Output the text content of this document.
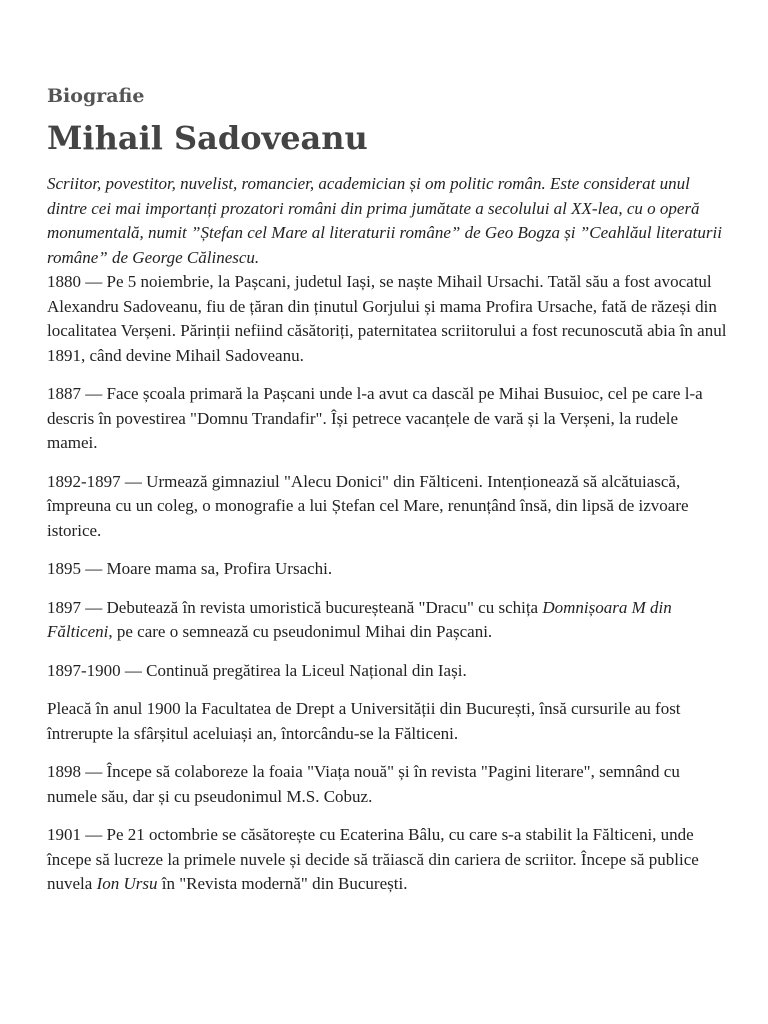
Biografie
Mihail Sadoveanu

Scriitor, povestitor, nuvelist, romancier, academician și om politic român. Este considerat unul dintre cei mai importanți prozatori români din prima jumătate a secolului al XX-lea, cu o operă monumentală, numit ”Ștefan cel Mare al literaturii române” de Geo Bogza și ”Ceahlăul literaturii române” de George Călinescu.

1880 — Pe 5 noiembrie, la Pașcani, judetul Iași, se naște Mihail Ursachi. Tatăl său a fost avocatul Alexandru Sadoveanu, fiu de țăran din ținutul Gorjului și mama Profira Ursache, fată de răzeși din localitatea Verșeni. Părinții nefiind căsătoriți, paternitatea scriitorului a fost recunoscută abia în anul 1891, când devine Mihail Sadoveanu.

1887 — Face școala primară la Pașcani unde l-a avut ca dascăl pe Mihai Busuioc, cel pe care l-a descris în povestirea "Domnu Trandafir". Își petrece vacanțele de vară și la Verșeni, la rudele mamei.

1892-1897 — Urmează gimnaziul "Alecu Donici" din Fălticeni. Intenționează să alcătuiască, împreuna cu un coleg, o monografie a lui Ștefan cel Mare, renunțând însă, din lipsă de izvoare istorice.

1895 — Moare mama sa, Profira Ursachi.

1897 — Debutează în revista umoristică bucureșteană "Dracu" cu schița Domnișoara M din Fălticeni, pe care o semnează cu pseudonimul Mihai din Pașcani.

1897-1900 — Continuă pregătirea la Liceul Național din Iași.

Pleacă în anul 1900 la Facultatea de Drept a Universității din București, însă cursurile au fost întrerupte la sfârșitul aceluiași an, întorcându-se la Fălticeni.

1898 — Începe să colaboreze la foaia "Viața nouă" și în revista "Pagini literare", semnând cu numele său, dar și cu pseudonimul M.S. Cobuz.

1901 — Pe 21 octombrie se căsătorește cu Ecaterina Bâlu, cu care s-a stabilit la Fălticeni, unde începe să lucreze la primele nuvele și decide să trăiască din cariera de scriitor. Începe să publice nuvela Ion Ursu în "Revista modernă" din București.
